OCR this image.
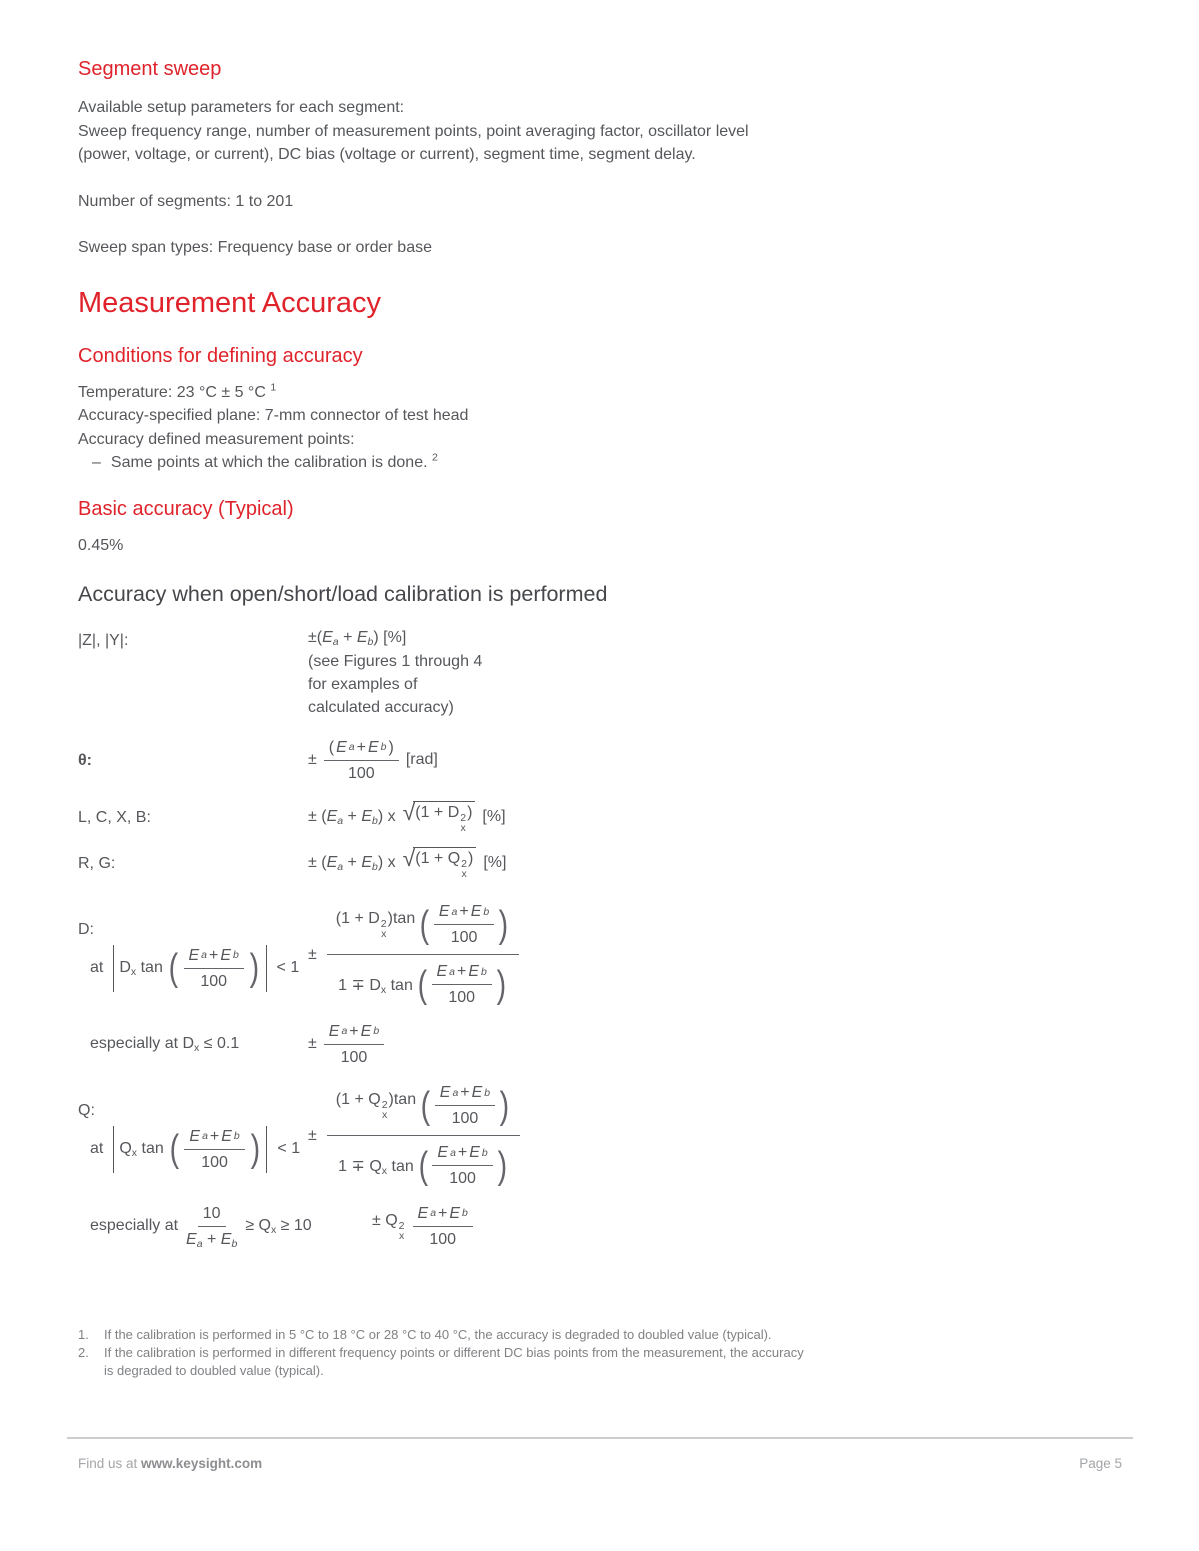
Segment sweep

Available setup parameters for each segment:
Sweep frequency range, number of measurement points, point averaging factor, oscillator level
(power, voltage, or current), DC bias (voltage or current), segment time, segment delay.

Number of segments: 1 to 201

Sweep span types: Frequency base or order base

Measurement Accuracy
Conditions for defining accuracy

Temperature: 23 °C ± 5 °C $^1$
Accuracy-specified plane: 7-mm connector of test head
Accuracy defined measurement points:

– Same points at which the calibration is done. $^2$
Basic accuracy (Typical)

0.45%

Accuracy when open/short/load calibration is performed
|Z|, |Y|:	$\pm(E_a + E_b)$ [%]
(see Figures 1 through 4
for examples of
calculated accuracy)
θ:	± $\frac{\text{( E a + E b )}}{100} [rad]$
L, C, X, B:	± $(E_a + E_b)$ x √ (1 + D 2
x
) [%]
R, G:	± $(E_a + E_b)$ x √ (1 + Q 2
x
) [%]
D:
at $D_x$ tan ( $\frac{\text{E a + E b}}{100}$ ) < 1
±
(1 + D 2
x
)tan ( $\frac{\text{E a + E b}}{100}$ )
$1 \mp D_x$ tan ( $\frac{\text{E a + E b}}{100}$ )
especially at $D_x \le 0.1$	± $\frac{\text{E a + E b}}{100}$
Q:
at $Q_x$ tan ( $\frac{\text{E a + E b}}{100}$ ) < 1
±
(1 + Q 2
x
)tan ( $\frac{\text{E a + E b}}{100}$ )
$1 \mp Q_x$ tan ( $\frac{\text{E a + E b}}{100}$ )
especially at $\frac{10}{E_a + E_b} \ge Q_x \ge 10$	± Q 2
x $\frac{\text{E a + E b}}{100}$
1.	If the calibration is performed in 5 °C to 18 °C or 28 °C to 40 °C, the accuracy is degraded to doubled value (typical).
2.	If the calibration is performed in different frequency points or different DC bias points from the measurement, the accuracy is degraded to doubled value (typical).
Find us at www.keysight.com	Page 5
